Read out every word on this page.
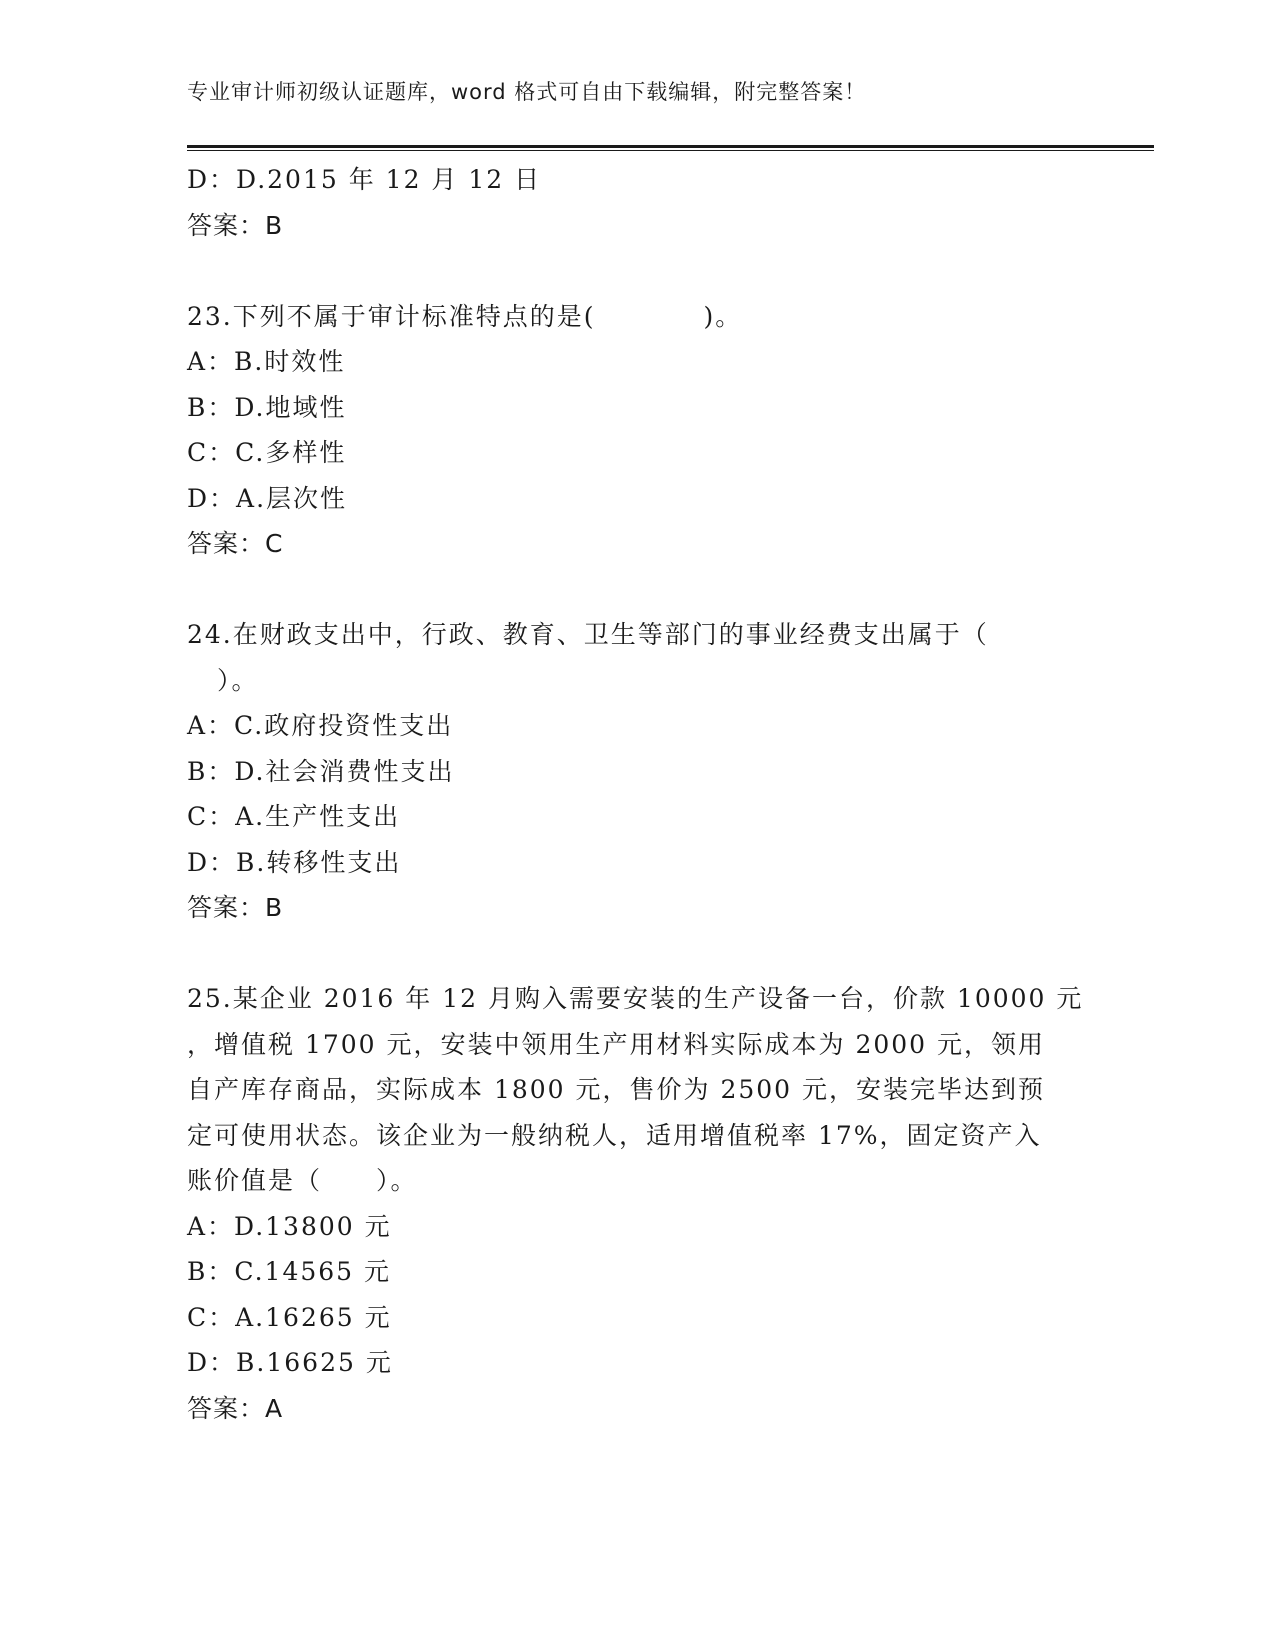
专业审计师初级认证题库，word 格式可自由下载编辑，附完整答案！
D：D.2015 年 12 月 12 日
答案：B
23.下列不属于审计标准特点的是(　　　　)。
A：B.时效性
B：D.地域性
C：C.多样性
D：A.层次性
答案：C
24.在财政支出中，行政、教育、卫生等部门的事业经费支出属于（
）。
A：C.政府投资性支出
B：D.社会消费性支出
C：A.生产性支出
D：B.转移性支出
答案：B
25.某企业 2016 年 12 月购入需要安装的生产设备一台，价款 10000 元
，增值税 1700 元，安装中领用生产用材料实际成本为 2000 元，领用
自产库存商品，实际成本 1800 元，售价为 2500 元，安装完毕达到预
定可使用状态。该企业为一般纳税人，适用增值税率 17%，固定资产入
账价值是（　　）。
A：D.13800 元
B：C.14565 元
C：A.16265 元
D：B.16625 元
答案：A
